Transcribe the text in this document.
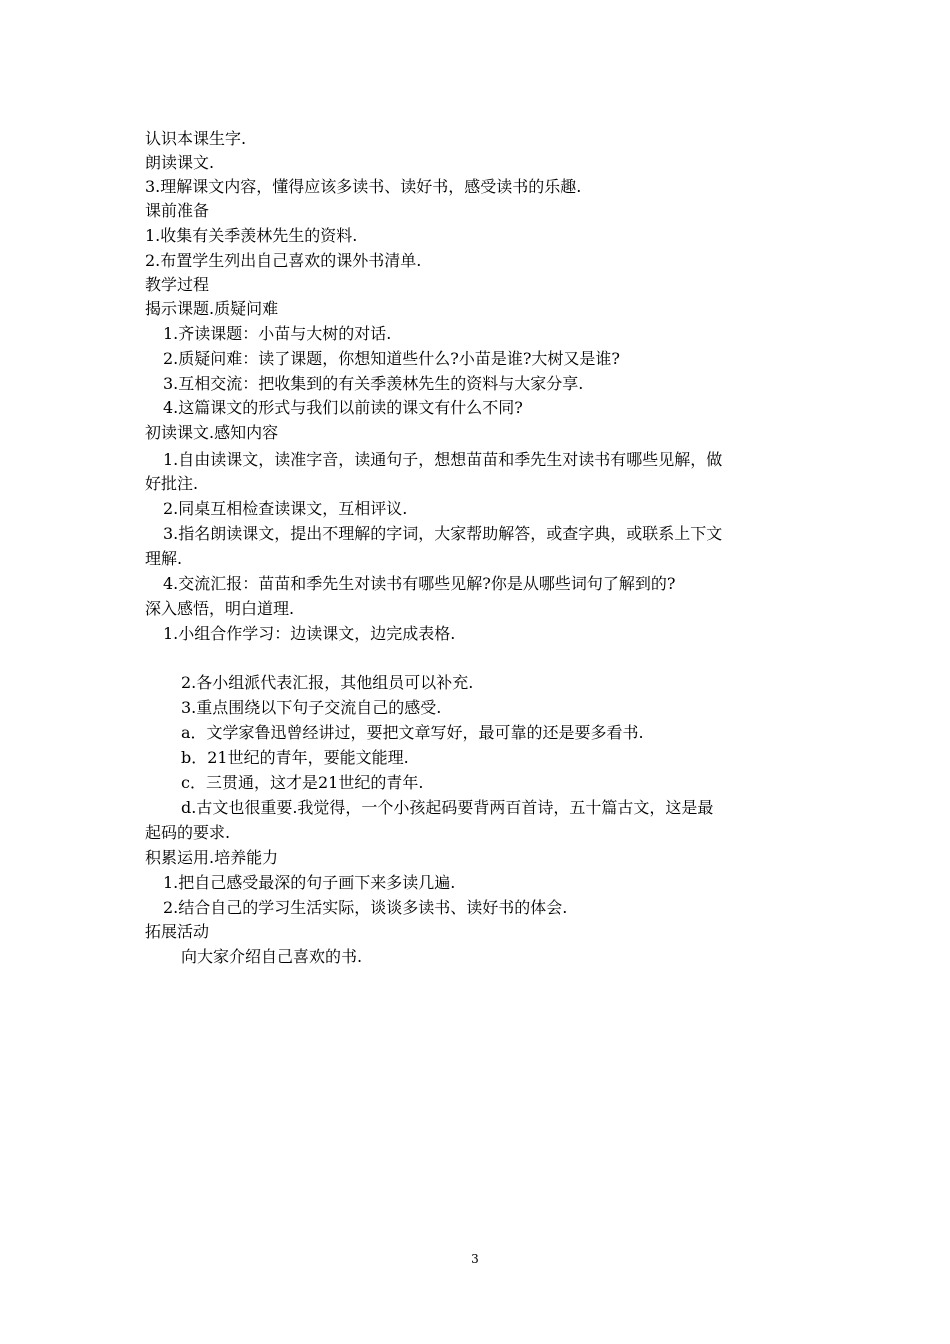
认识本课生字.
朗读课文.
3.理解课文内容，懂得应该多读书、读好书，感受读书的乐趣.
课前准备
1.收集有关季羡林先生的资料.
2.布置学生列出自己喜欢的课外书清单.
教学过程
揭示课题.质疑问难
1.齐读课题：小苗与大树的对话.
2.质疑问难：读了课题，你想知道些什么?小苗是谁?大树又是谁?
3.互相交流：把收集到的有关季羡林先生的资料与大家分享.
4.这篇课文的形式与我们以前读的课文有什么不同?
初读课文.感知内容
1.自由读课文，读准字音，读通句子，想想苗苗和季先生对读书有哪些见解，做
好批注.
2.同桌互相检查读课文，互相评议.
3.指名朗读课文，提出不理解的字词，大家帮助解答，或查字典，或联系上下文
理解.
4.交流汇报：苗苗和季先生对读书有哪些见解?你是从哪些词句了解到的?
深入感悟，明白道理.
1.小组合作学习：边读课文，边完成表格.
2.各小组派代表汇报，其他组员可以补充.
3.重点围绕以下句子交流自己的感受.
a．文学家鲁迅曾经讲过，要把文章写好，最可靠的还是要多看书.
b．21世纪的青年，要能文能理.
c．三贯通，这才是21世纪的青年.
d.古文也很重要.我觉得，一个小孩起码要背两百首诗，五十篇古文，这是最
起码的要求.
积累运用.培养能力
1.把自己感受最深的句子画下来多读几遍.
2.结合自己的学习生活实际，谈谈多读书、读好书的体会.
拓展活动
向大家介绍自己喜欢的书.
3
